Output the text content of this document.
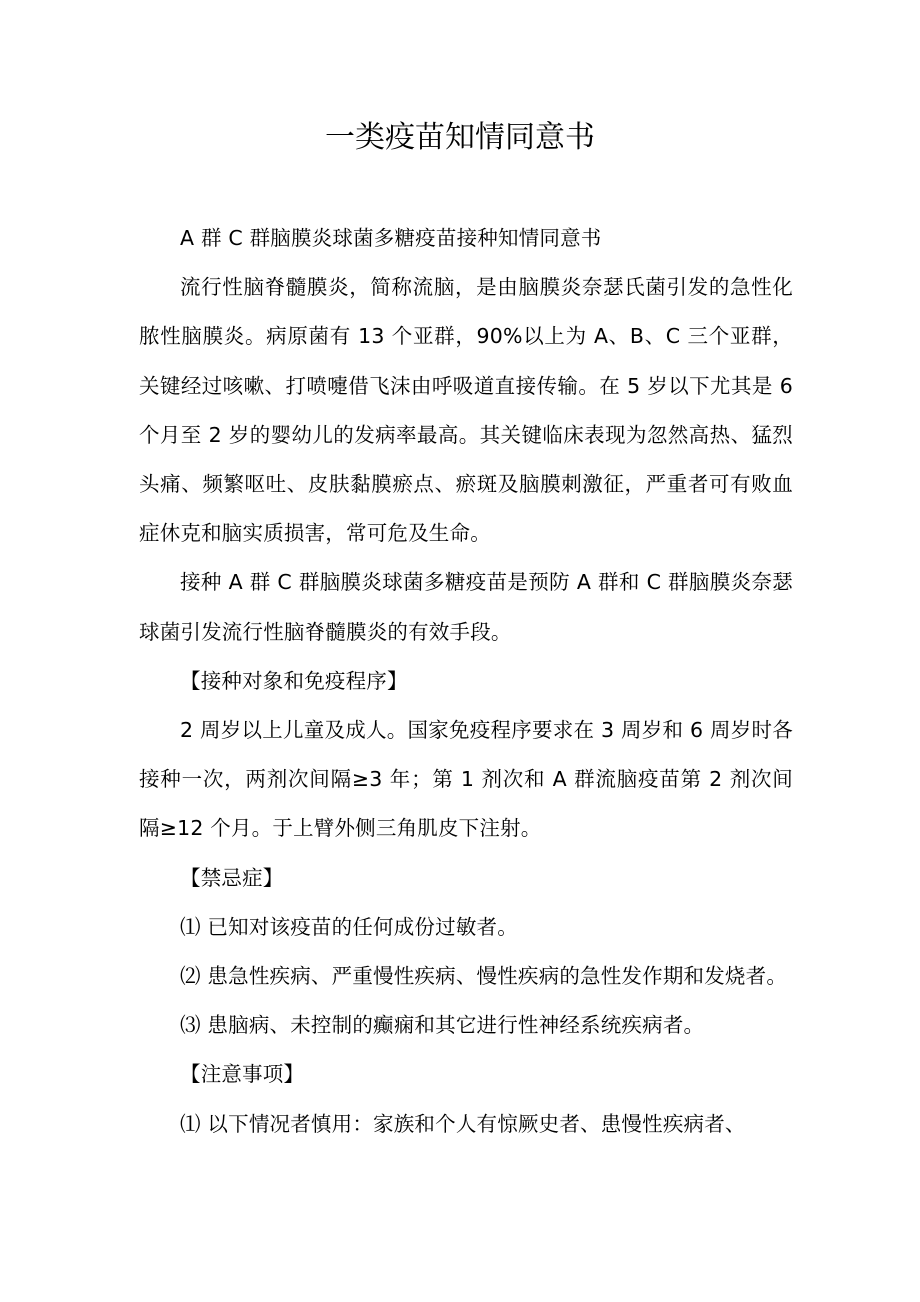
一类疫苗知情同意书

A 群 C 群脑膜炎球菌多糖疫苗接种知情同意书

流行性脑脊髓膜炎，简称流脑，是由脑膜炎奈瑟氏菌引发的急性化脓性脑膜炎。病原菌有 13 个亚群，90%以上为 A、B、C 三个亚群，关键经过咳嗽、打喷嚏借飞沫由呼吸道直接传输。在 5 岁以下尤其是 6 个月至 2 岁的婴幼儿的发病率最高。其关键临床表现为忽然高热、猛烈头痛、频繁呕吐、皮肤黏膜瘀点、瘀斑及脑膜刺激征，严重者可有败血症休克和脑实质损害，常可危及生命。

接种 A 群 C 群脑膜炎球菌多糖疫苗是预防 A 群和 C 群脑膜炎奈瑟球菌引发流行性脑脊髓膜炎的有效手段。

【接种对象和免疫程序】

2 周岁以上儿童及成人。国家免疫程序要求在 3 周岁和 6 周岁时各接种一次，两剂次间隔≥3 年；第 1 剂次和 A 群流脑疫苗第 2 剂次间隔≥12 个月。于上臂外侧三角肌皮下注射。

【禁忌症】

⑴ 已知对该疫苗的任何成份过敏者。

⑵ 患急性疾病、严重慢性疾病、慢性疾病的急性发作期和发烧者。

⑶ 患脑病、未控制的癫痫和其它进行性神经系统疾病者。

【注意事项】

⑴ 以下情况者慎用：家族和个人有惊厥史者、患慢性疾病者、
